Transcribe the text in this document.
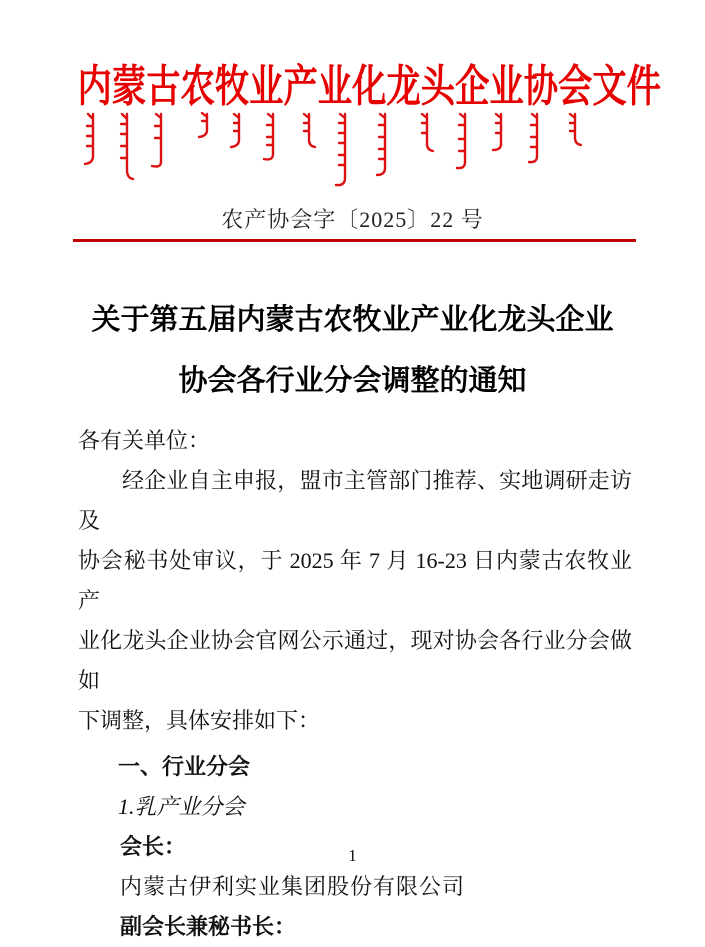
内蒙古农牧业产业化龙头企业协会文件
农产协会字〔2025〕22 号
关于第五届内蒙古农牧业产业化龙头企业
协会各行业分会调整的通知
各有关单位：
经企业自主申报，盟市主管部门推荐、实地调研走访及
协会秘书处审议，于 2025 年 7 月 16-23 日内蒙古农牧业产
业化龙头企业协会官网公示通过，现对协会各行业分会做如
下调整，具体安排如下：
一、行业分会
1.乳产业分会
会长：
内蒙古伊利实业集团股份有限公司
副会长兼秘书长：
1
